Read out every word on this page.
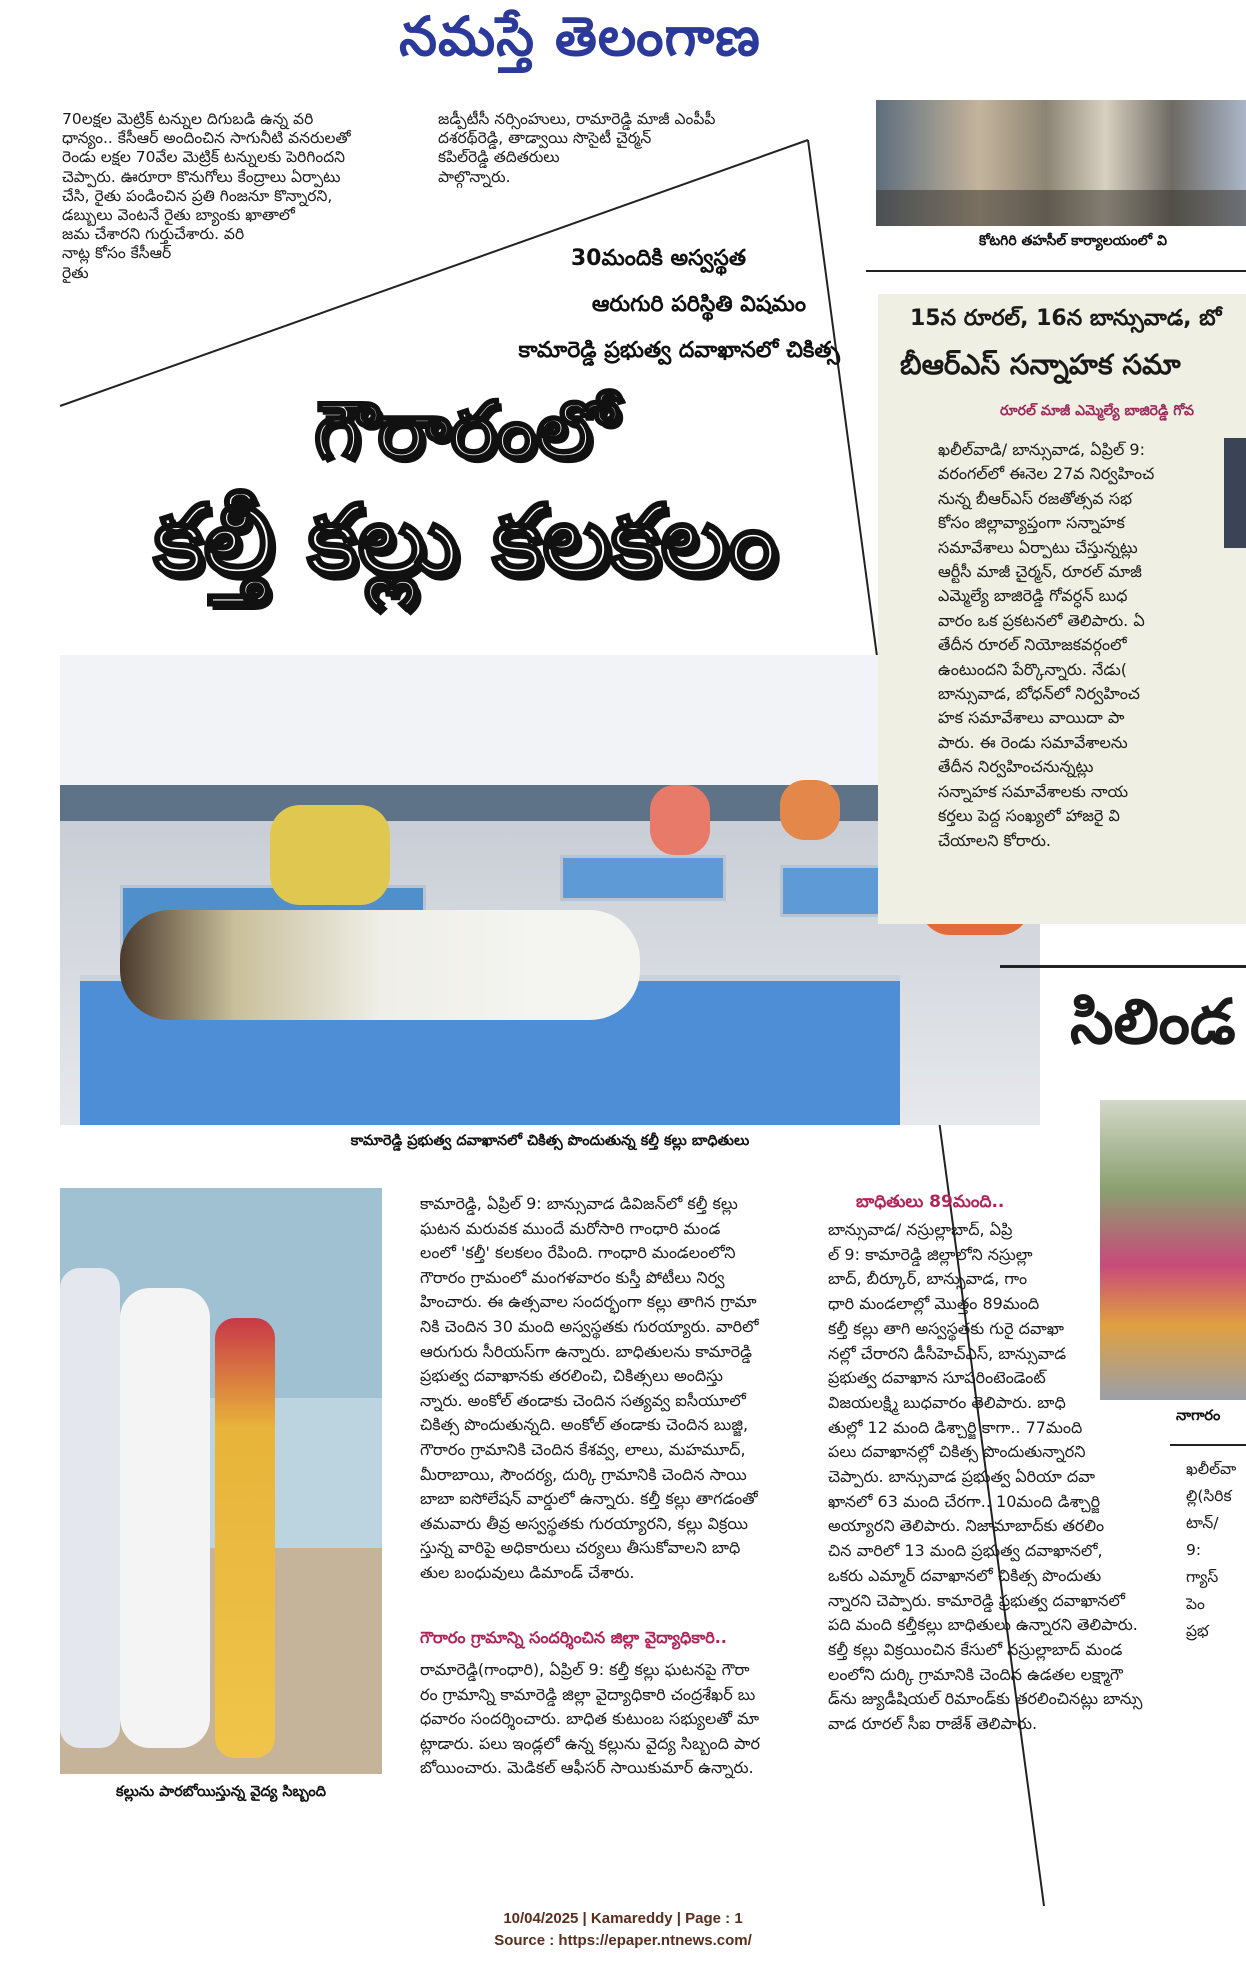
నమస్తే తెలంగాణ
70లక్షల మెట్రిక్ టన్నుల దిగుబడి ఉన్న వరి
ధాన్యం.. కేసీఆర్ అందించిన సాగునీటి వనరులతో
రెండు లక్షల 70వేల మెట్రిక్ టన్నులకు పెరిగిందని
చెప్పారు. ఊరూరా కొనుగోలు కేంద్రాలు ఏర్పాటు
చేసి, రైతు పండించిన ప్రతి గింజనూ కొన్నారని,
డబ్బులు వెంటనే రైతు బ్యాంకు ఖాతాలో
జమ చేశారని గుర్తుచేశారు. వరి
నాట్ల కోసం కేసీఆర్
రైతు
జడ్పీటీసీ నర్సింహులు, రామారెడ్డి మాజీ ఎంపీపీ
దశరథ్‌రెడ్డి, తాడ్వాయి సొసైటీ చైర్మన్
కపిల్‌రెడ్డి తదితరులు
పాల్గొన్నారు.
కోటగిరి తహసీల్ కార్యాలయంలో వి
30మందికి అస్వస్థత
ఆరుగురి పరిస్థితి విషమం
కామారెడ్డి ప్రభుత్వ దవాఖానలో చికిత్స
గౌరారంలో
కల్తీ కల్లు కలకలం
కామారెడ్డి ప్రభుత్వ దవాఖానలో చికిత్స పొందుతున్న కల్తీ కల్లు బాధితులు
15న రూరల్, 16న బాన్సువాడ, బో
బీఆర్ఎస్ సన్నాహక సమా
రూరల్ మాజీ ఎమ్మెల్యే బాజిరెడ్డి గోవ
ఖలీల్‌వాడి/ బాన్సువాడ, ఏప్రిల్ 9:
వరంగల్‌లో ఈనెల 27వ నిర్వహించ
నున్న బీఆర్ఎస్ రజతోత్సవ సభ
కోసం జిల్లావ్యాప్తంగా సన్నాహక
సమావేశాలు ఏర్పాటు చేస్తున్నట్లు
ఆర్టీసీ మాజీ చైర్మన్, రూరల్ మాజీ
ఎమ్మెల్యే బాజిరెడ్డి గోవర్ధన్ బుధ
వారం ఒక ప్రకటనలో తెలిపారు. ఏ
తేదీన రూరల్ నియోజకవర్గంలో
ఉంటుందని పేర్కొన్నారు. నేడు(
బాన్సువాడ, బోధన్‌లో నిర్వహించ
హక సమావేశాలు వాయిదా పా
పారు. ఈ రెండు సమావేశాలను
తేదీన నిర్వహించనున్నట్లు
సన్నాహక సమావేశాలకు నాయ
కర్తలు పెద్ద సంఖ్యలో హాజరై వి
చేయాలని కోరారు.
సిలిండ
నాగారం
ఖలీల్‌వా
ల్లి(సిరిక
టాన్/
9:
గ్యాస్
పెం
ప్రభ
కల్లును పారబోయిస్తున్న వైద్య సిబ్బంది
కామారెడ్డి, ఏప్రిల్ 9: బాన్సువాడ డివిజన్‌లో కల్తీ కల్లు
ఘటన మరువక ముందే మరోసారి గాంధారి మండ
లంలో 'కల్తీ' కలకలం రేపింది. గాంధారి మండలంలోని
గౌరారం గ్రామంలో మంగళవారం కుస్తీ పోటీలు నిర్వ
హించారు. ఈ ఉత్సవాల సందర్భంగా కల్లు తాగిన గ్రామా
నికి చెందిన 30 మంది అస్వస్థతకు గురయ్యారు. వారిలో
ఆరుగురు సీరియస్‌గా ఉన్నారు. బాధితులను కామారెడ్డి
ప్రభుత్వ దవాఖానకు తరలించి, చికిత్సలు అందిస్తు
న్నారు. అంకోల్ తండాకు చెందిన సత్యవ్వ ఐసీయూలో
చికిత్స పొందుతున్నది. అంకోల్ తండాకు చెందిన బుజ్జి,
గౌరారం గ్రామానికి చెందిన కేశవ్వ, లాలు, మహమూద్,
మీరాబాయి, సౌందర్య, దుర్కి గ్రామానికి చెందిన సాయి
బాబా ఐసోలేషన్ వార్డులో ఉన్నారు. కల్తీ కల్లు తాగడంతో
తమవారు తీవ్ర అస్వస్థతకు గురయ్యారని, కల్లు విక్రయి
స్తున్న వారిపై అధికారులు చర్యలు తీసుకోవాలని బాధి
తుల బంధువులు డిమాండ్ చేశారు.
గౌరారం గ్రామాన్ని సందర్శించిన జిల్లా వైద్యాధికారి..
రామారెడ్డి(గాంధారి), ఏప్రిల్ 9: కల్తీ కల్లు ఘటనపై గౌరా
రం గ్రామాన్ని కామారెడ్డి జిల్లా వైద్యాధికారి చంద్రశేఖర్ బు
ధవారం సందర్శించారు. బాధిత కుటుంబ సభ్యులతో మా
ట్లాడారు. పలు ఇండ్లలో ఉన్న కల్లును వైద్య సిబ్బంది పార
బోయించారు. మెడికల్ ఆఫీసర్ సాయికుమార్ ఉన్నారు.
బాధితులు 89మంది..
బాన్సువాడ/ నస్రుల్లాబాద్, ఏప్రి
ల్ 9: కామారెడ్డి జిల్లాలోని నస్రుల్లా
బాద్, బీర్కూర్, బాన్సువాడ, గాం
ధారి మండలాల్లో మొత్తం 89మంది
కల్తీ కల్లు తాగి అస్వస్థతకు గురై దవాఖా
నల్లో చేరారని డీసీహెచ్‌ఎస్, బాన్సువాడ
ప్రభుత్వ దవాఖాన సూపరింటెండెంట్
విజయలక్ష్మి బుధవారం తెలిపారు. బాధి
తుల్లో 12 మంది డిశ్చార్జి కాగా.. 77మంది
పలు దవాఖానల్లో చికిత్స పొందుతున్నారని
చెప్పారు. బాన్సువాడ ప్రభుత్వ ఏరియా దవా
ఖానలో 63 మంది చేరగా.. 10మంది డిశ్చార్జి
అయ్యారని తెలిపారు. నిజామాబాద్‌కు తరలిం
చిన వారిలో 13 మంది ప్రభుత్వ దవాఖానలో,
ఒకరు ఎమ్మార్ దవాఖానలో చికిత్స పొందుతు
న్నారని చెప్పారు. కామారెడ్డి ప్రభుత్వ దవాఖానలో
పది మంది కల్తీకల్లు బాధితులు ఉన్నారని తెలిపారు.
కల్తీ కల్లు విక్రయించిన కేసులో నస్రుల్లాబాద్ మండ
లంలోని దుర్కి గ్రామానికి చెందిన ఉడతల లక్ష్మాగౌ
డ్‌ను జ్యుడీషియల్ రిమాండ్‌కు తరలించినట్లు బాన్సు
వాడ రూరల్ సీఐ రాజేశ్ తెలిపారు.
10/04/2025 | Kamareddy | Page : 1
Source : https://epaper.ntnews.com/
